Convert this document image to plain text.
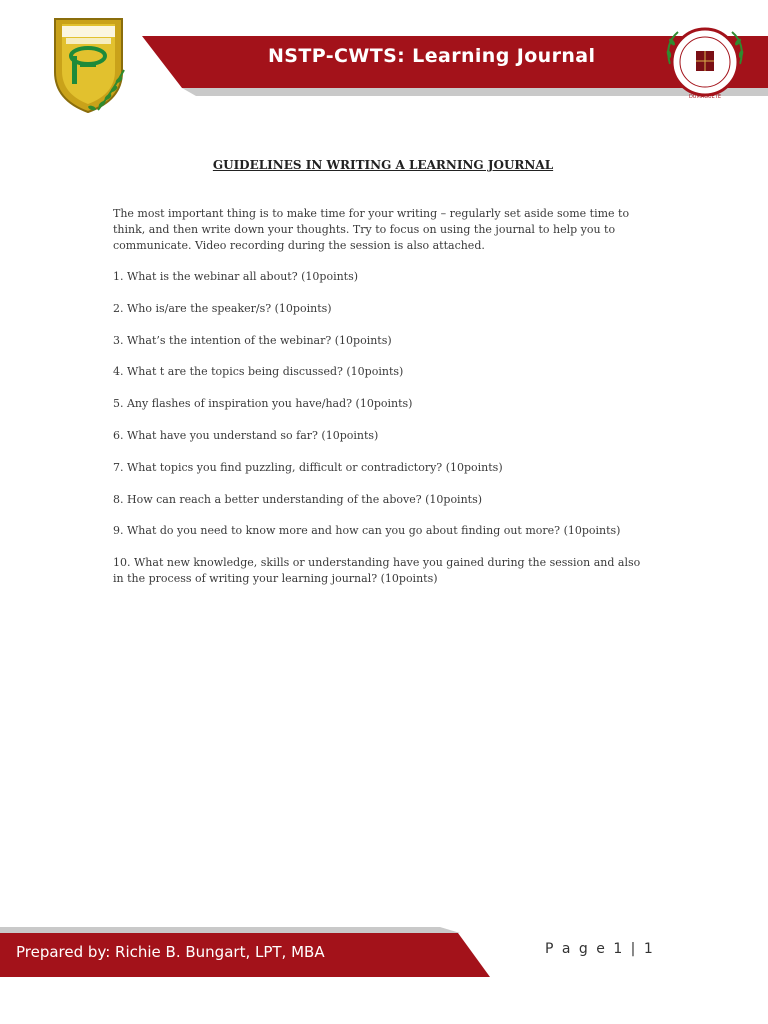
NSTP-CWTS: Learning Journal
DUMAGUETE
GUIDELINES IN WRITING A LEARNING JOURNAL

The most important thing is to make time for your writing – regularly set aside some time to think, and then write down your thoughts. Try to focus on using the journal to help you to communicate. Video recording during the session is also attached.

1. What is the webinar all about? (10points)
2. Who is/are the speaker/s? (10points)
3. What’s the intention of the webinar? (10points)
4. What t are the topics being discussed? (10points)
5. Any flashes of inspiration you have/had? (10points)
6. What have you understand so far? (10points)
7. What topics you find puzzling, difficult or contradictory? (10points)
8. How can reach a better understanding of the above? (10points)
9. What do you need to know more and how can you go about finding out more? (10points)
10. What new knowledge, skills or understanding have you gained during the session and also in the process of writing your learning journal? (10points)
Prepared by: Richie B. Bungart, LPT, MBA	P a g e 1 | 1
